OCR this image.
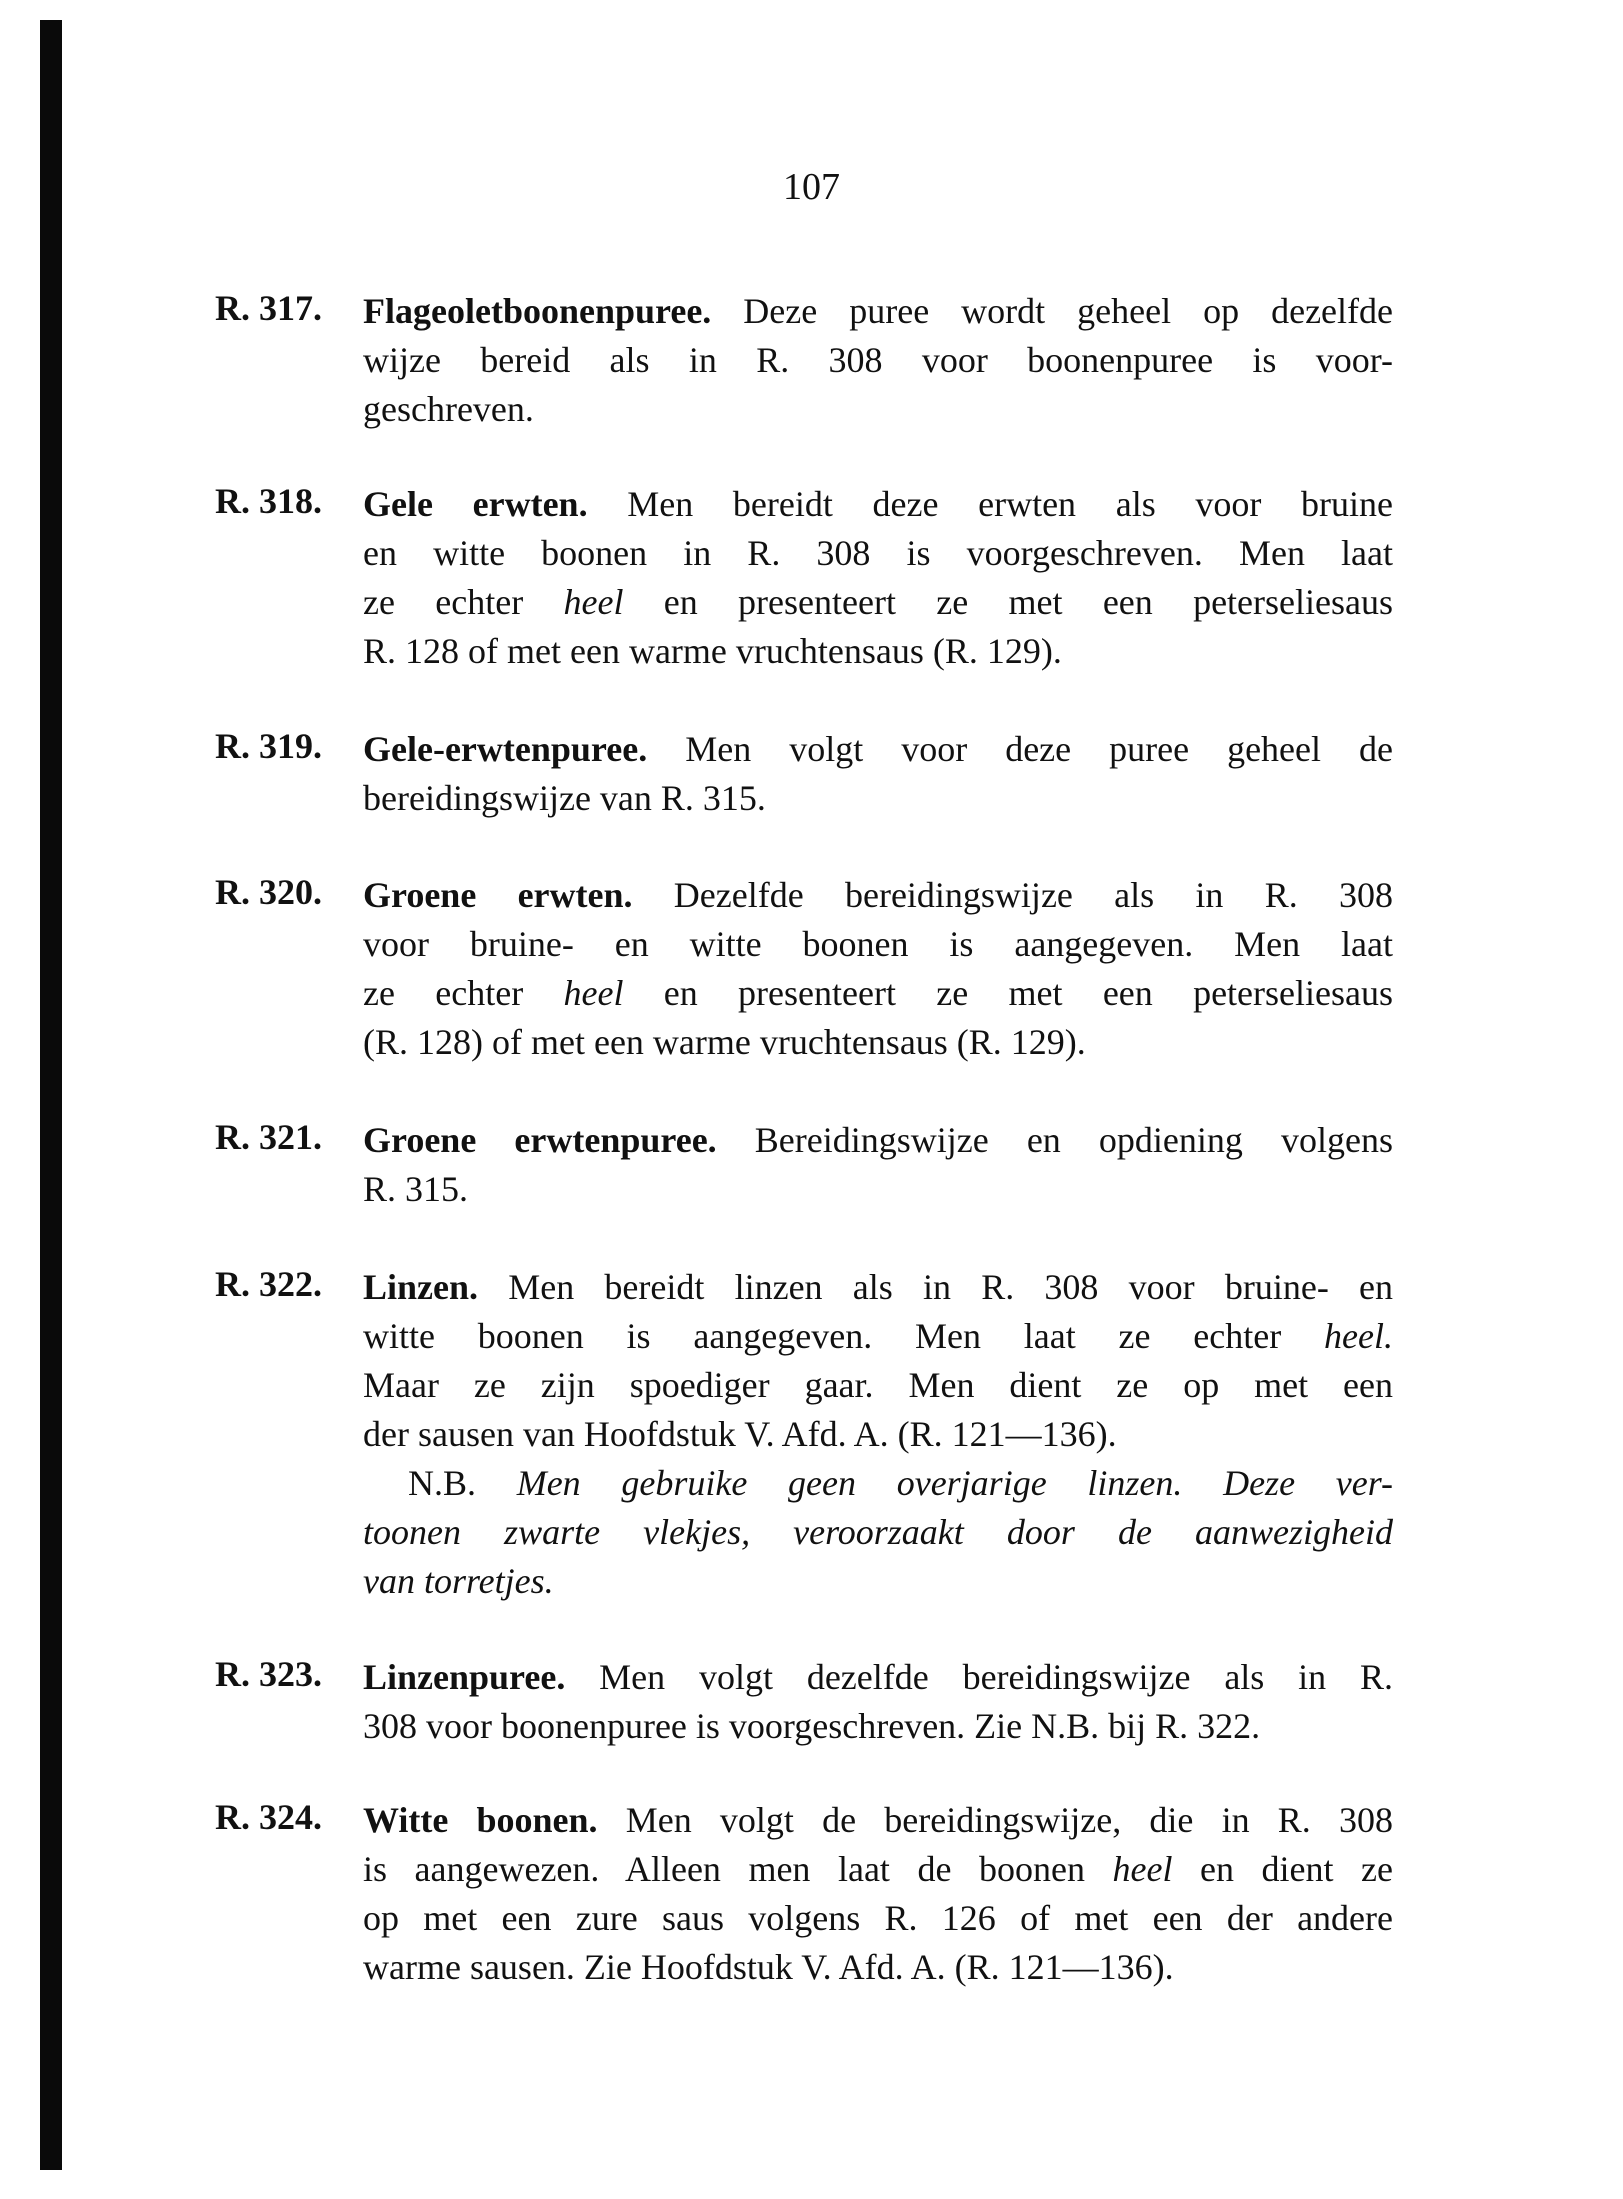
107
R. 317. Flageoletboonenpuree. Deze puree wordt geheel op dezelfde
wijze bereid als in R. 308 voor boonenpuree is voor-
geschreven.
R. 318. Gele erwten. Men bereidt deze erwten als voor bruine
en witte boonen in R. 308 is voorgeschreven. Men laat
ze echter heel en presenteert ze met een peterseliesaus
R. 128 of met een warme vruchtensaus (R. 129).
R. 319. Gele-erwtenpuree. Men volgt voor deze puree geheel de
bereidingswijze van R. 315.
R. 320. Groene erwten. Dezelfde bereidingswijze als in R. 308
voor bruine- en witte boonen is aangegeven. Men laat
ze echter heel en presenteert ze met een peterseliesaus
(R. 128) of met een warme vruchtensaus (R. 129).
R. 321. Groene erwtenpuree. Bereidingswijze en opdiening volgens
R. 315.
R. 322. Linzen. Men bereidt linzen als in R. 308 voor bruine- en
witte boonen is aangegeven. Men laat ze echter heel.
Maar ze zijn spoediger gaar. Men dient ze op met een
der sausen van Hoofdstuk V. Afd. A. (R. 121—136).
N.B. Men gebruike geen overjarige linzen. Deze ver-
toonen zwarte vlekjes, veroorzaakt door de aanwezigheid
van torretjes.
R. 323. Linzenpuree. Men volgt dezelfde bereidingswijze als in R.
308 voor boonenpuree is voorgeschreven. Zie N.B. bij R. 322.
R. 324. Witte boonen. Men volgt de bereidingswijze, die in R. 308
is aangewezen. Alleen men laat de boonen heel en dient ze
op met een zure saus volgens R. 126 of met een der andere
warme sausen. Zie Hoofdstuk V. Afd. A. (R. 121—136).
